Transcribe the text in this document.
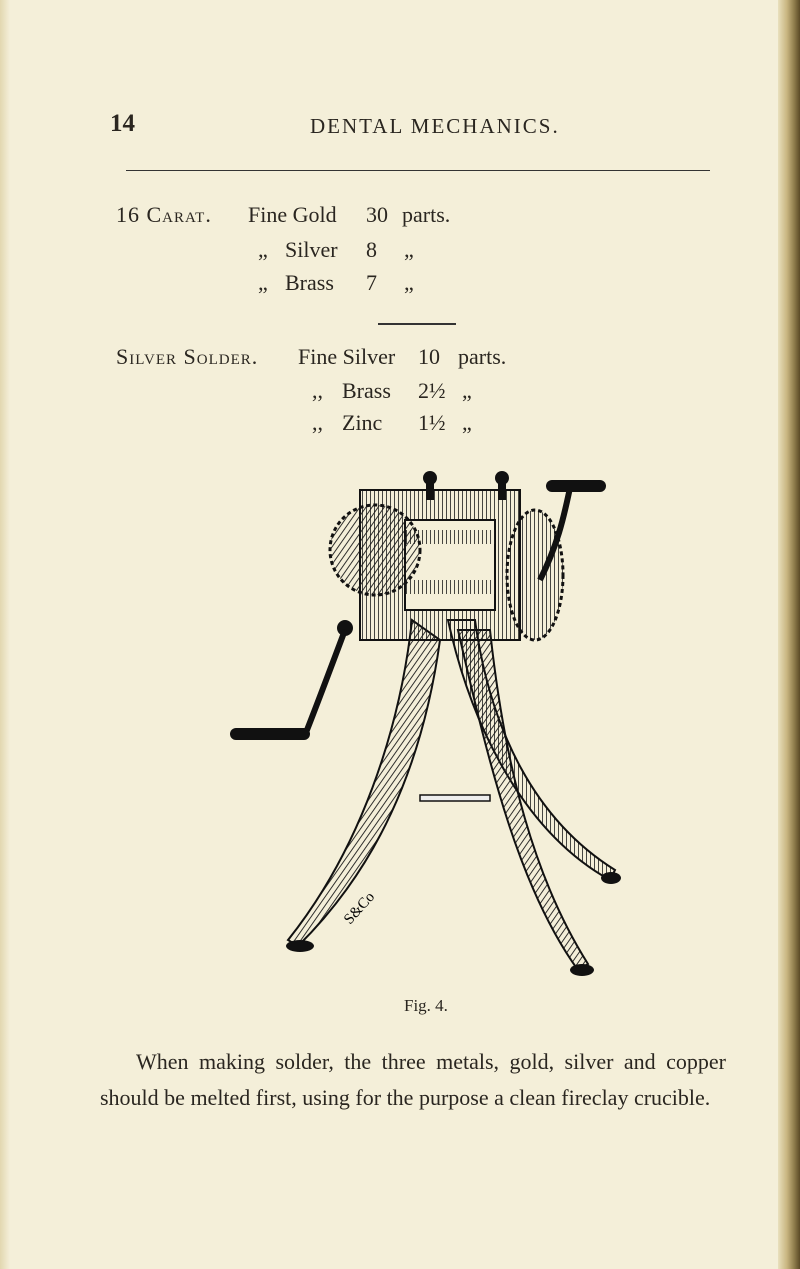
14	DENTAL MECHANICS.
16 Carat. Fine Gold 30 parts.
„ Silver 8 „
„ Brass 7 „
Silver Solder. Fine Silver 10 parts.
,, Brass 2½ „
,, Zinc 1½ „
S&Co
Fig. 4.
When making solder, the three metals, gold, silver and copper should be melted first, using for the purpose a clean fireclay crucible.
